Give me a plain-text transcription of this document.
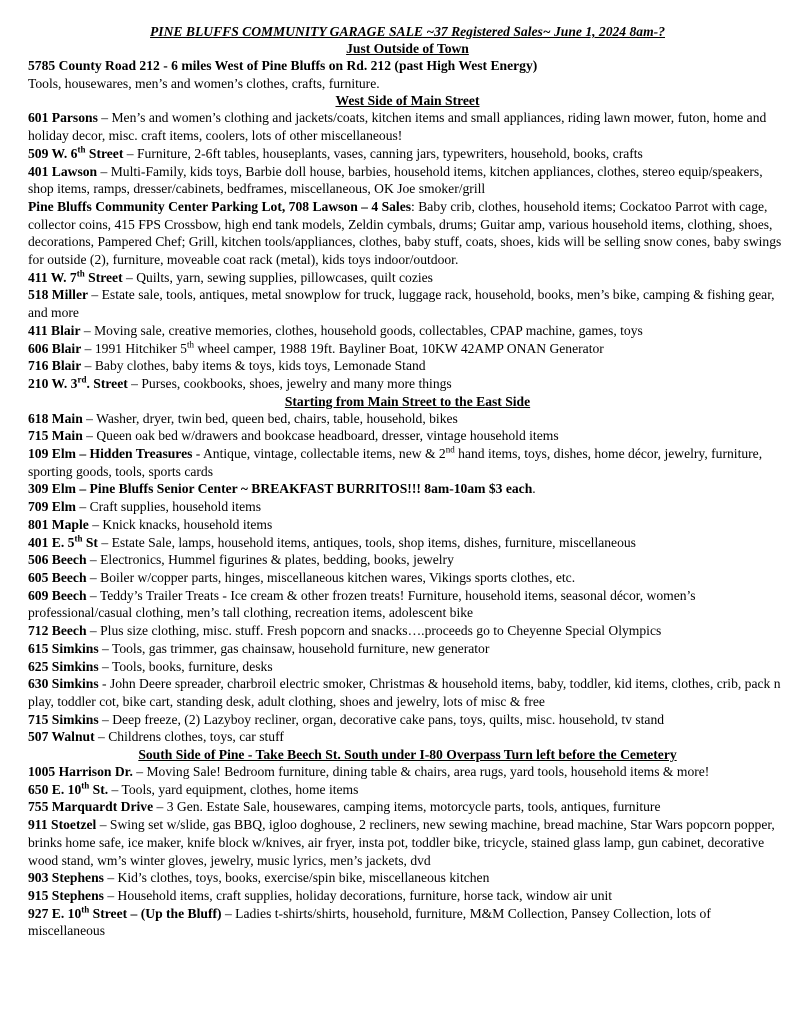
PINE BLUFFS COMMUNITY GARAGE SALE ~37 Registered Sales~ June 1, 2024 8am-?
Just Outside of Town

5785 County Road 212 - 6 miles West of Pine Bluffs on Rd. 212 (past High West Energy)
Tools, housewares, men’s and women’s clothes, crafts, furniture.

West Side of Main Street

601 Parsons – Men’s and women’s clothing and jackets/coats, kitchen items and small appliances, riding lawn mower, futon, home and holiday decor, misc. craft items, coolers, lots of other miscellaneous!

509 W. 6th Street – Furniture, 2-6ft tables, houseplants, vases, canning jars, typewriters, household, books, crafts

401 Lawson – Multi-Family, kids toys, Barbie doll house, barbies, household items, kitchen appliances, clothes, stereo equip/speakers, shop items, ramps, dresser/cabinets, bedframes, miscellaneous, OK Joe smoker/grill

Pine Bluffs Community Center Parking Lot, 708 Lawson – 4 Sales: Baby crib, clothes, household items; Cockatoo Parrot with cage, collector coins, 415 FPS Crossbow, high end tank models, Zeldin cymbals, drums; Guitar amp, various household items, clothing, shoes, decorations, Pampered Chef; Grill, kitchen tools/appliances, clothes, baby stuff, coats, shoes, kids will be selling snow cones, baby swings for outside (2), furniture, moveable coat rack (metal), kids toys indoor/outdoor.

411 W. 7th Street – Quilts, yarn, sewing supplies, pillowcases, quilt cozies

518 Miller – Estate sale, tools, antiques, metal snowplow for truck, luggage rack, household, books, men’s bike, camping & fishing gear, and more

411 Blair – Moving sale, creative memories, clothes, household goods, collectables, CPAP machine, games, toys

606 Blair – 1991 Hitchiker 5th wheel camper, 1988 19ft. Bayliner Boat, 10KW 42AMP ONAN Generator

716 Blair – Baby clothes, baby items & toys, kids toys, Lemonade Stand

210 W. 3rd. Street – Purses, cookbooks, shoes, jewelry and many more things

Starting from Main Street to the East Side

618 Main – Washer, dryer, twin bed, queen bed, chairs, table, household, bikes

715 Main – Queen oak bed w/drawers and bookcase headboard, dresser, vintage household items

109 Elm – Hidden Treasures - Antique, vintage, collectable items, new & 2nd hand items, toys, dishes, home décor, jewelry, furniture, sporting goods, tools, sports cards

309 Elm – Pine Bluffs Senior Center ~ BREAKFAST BURRITOS!!! 8am-10am $3 each.

709 Elm – Craft supplies, household items

801 Maple – Knick knacks, household items

401 E. 5th St – Estate Sale, lamps, household items, antiques, tools, shop items, dishes, furniture, miscellaneous

506 Beech – Electronics, Hummel figurines & plates, bedding, books, jewelry

605 Beech – Boiler w/copper parts, hinges, miscellaneous kitchen wares, Vikings sports clothes, etc.

609 Beech – Teddy’s Trailer Treats - Ice cream & other frozen treats! Furniture, household items, seasonal décor, women’s professional/casual clothing, men’s tall clothing, recreation items, adolescent bike

712 Beech – Plus size clothing, misc. stuff. Fresh popcorn and snacks….proceeds go to Cheyenne Special Olympics

615 Simkins – Tools, gas trimmer, gas chainsaw, household furniture, new generator

625 Simkins – Tools, books, furniture, desks

630 Simkins - John Deere spreader, charbroil electric smoker, Christmas & household items, baby, toddler, kid items, clothes, crib, pack n play, toddler cot, bike cart, standing desk, adult clothing, shoes and jewelry, lots of misc & free

715 Simkins – Deep freeze, (2) Lazyboy recliner, organ, decorative cake pans, toys, quilts, misc. household, tv stand

507 Walnut – Childrens clothes, toys, car stuff

South Side of Pine - Take Beech St. South under I-80 Overpass Turn left before the Cemetery

1005 Harrison Dr. – Moving Sale! Bedroom furniture, dining table & chairs, area rugs, yard tools, household items & more!

650 E. 10th St. – Tools, yard equipment, clothes, home items

755 Marquardt Drive – 3 Gen. Estate Sale, housewares, camping items, motorcycle parts, tools, antiques, furniture

911 Stoetzel – Swing set w/slide, gas BBQ, igloo doghouse, 2 recliners, new sewing machine, bread machine, Star Wars popcorn popper, brinks home safe, ice maker, knife block w/knives, air fryer, insta pot, toddler bike, tricycle, stained glass lamp, gun cabinet, decorative wood stand, wm’s winter gloves, jewelry, music lyrics, men’s jackets, dvd

903 Stephens – Kid’s clothes, toys, books, exercise/spin bike, miscellaneous kitchen

915 Stephens – Household items, craft supplies, holiday decorations, furniture, horse tack, window air unit

927 E. 10th Street – (Up the Bluff) – Ladies t-shirts/shirts, household, furniture, M&M Collection, Pansey Collection, lots of miscellaneous
